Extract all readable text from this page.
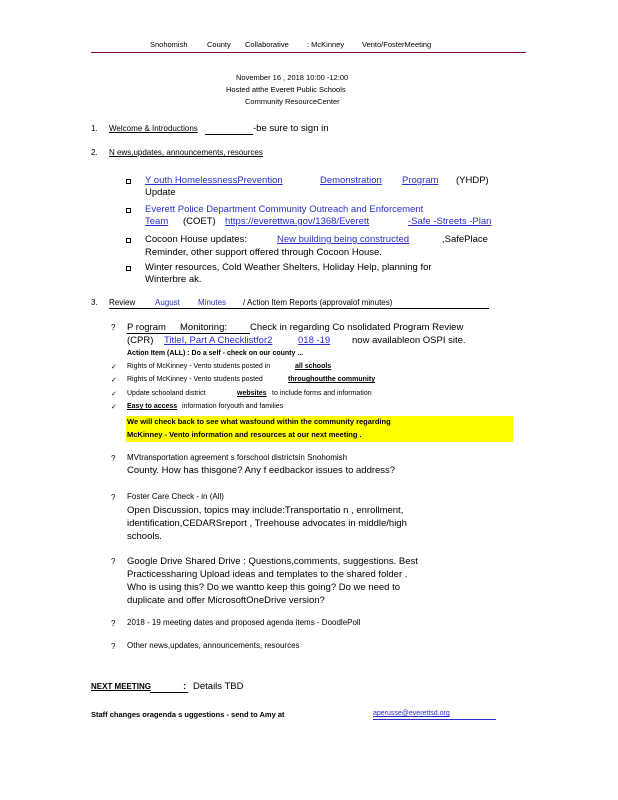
Snohomish	County Collaborative : McKinney Vento/FosterMeeting
November 16 , 2018 10:00 -12:00
Hosted atthe Everett Public Schools
Community ResourceCenter
1. Welcome & Introductions	-be sure to sign in
2. N ews,updates, announcements, resources
Y outh HomelessnessPrevention	Demonstration Program (YHDP)
Update
Everett Police Department Community Outreach and Enforcement
Team (COET) https://everettwa.gov/1368/Everett	-Safe -Streets -Plan
Cocoon House updates:	New building being constructed	,SafePlace
Reminder, other support offered through Cocoon House.
Winter resources, Cold Weather Shelters, Holiday Help, planning for
Winterbre ak.
3. Review August Minutes / Action Item Reports (approvalof minutes)
? P rogram Monitoring: Check in regarding Co nsolidated Program Review
(CPR) TitleI, Part A Checklistfor2	018 -19 now availableon OSPI site.
Action Item (ALL) : Do a self - check on our county ...
✓ Rights of McKinney - Vento students posted in	all schools
✓ Rights of McKinney - Vento students posted	throughoutthe community
✓ Update schooland district	websites to include forms and information
✓ Easy to access information foryouth and families
We will check back to see what wasfound within the community regarding
McKinney - Vento information and resources at our next meeting .
? MVtransportation agreement s forschool districtsin Snohomish
County. How has thisgone? Any f eedbackor issues to address?
? Foster Care Check - in (All)
Open Discussion, topics may include:Transportatio n , enrollment,
identification,CEDARSreport , Treehouse advocates in middle/high
schools.
? Google Drive Shared Drive : Questions,comments, suggestions. Best
Practicessharing Upload ideas and templates to the shared folder .
Who is using this? Do we wantto keep this going? Do we need to
duplicate and offer MicrosoftOneDrive version?
? 2018 - 19 meeting dates and proposed agenda items - DoodlePoll
? Other news,updates, announcements, resources
NEXT MEETING	: Details TBD
Staff changes oragenda s uggestions - send to Amy at	aperusse@everettsd.org
